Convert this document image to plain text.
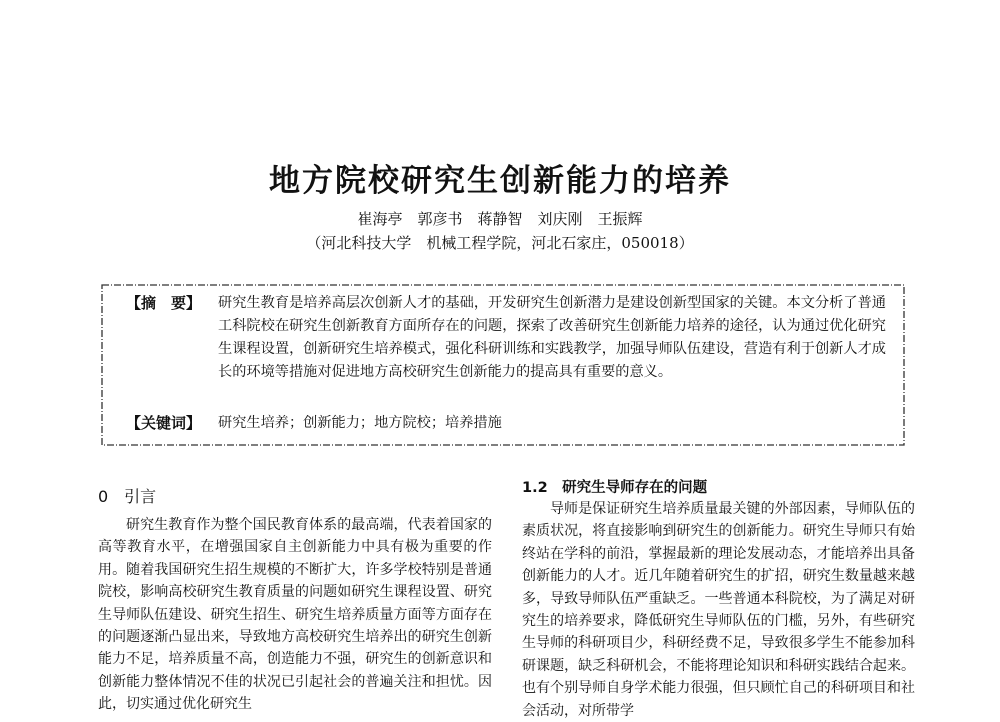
地方院校研究生创新能力的培养
崔海亭　郭彦书　蒋静智　刘庆刚　王振辉
（河北科技大学　机械工程学院，河北石家庄，050018）
【摘　要】 研究生教育是培养高层次创新人才的基础，开发研究生创新潜力是建设创新型国家的关键。本文分析了普通工科院校在研究生创新教育方面所存在的问题，探索了改善研究生创新能力培养的途径，认为通过优化研究生课程设置，创新研究生培养模式，强化科研训练和实践教学，加强导师队伍建设，营造有利于创新人才成长的环境等措施对促进地方高校研究生创新能力的提高具有重要的意义。
【关键词】 研究生培养；创新能力；地方院校；培养措施
0　引言
研究生教育作为整个国民教育体系的最高端，代表着国家的高等教育水平，在增强国家自主创新能力中具有极为重要的作用。随着我国研究生招生规模的不断扩大，许多学校特别是普通院校，影响高校研究生教育质量的问题如研究生课程设置、研究生导师队伍建设、研究生招生、研究生培养质量方面等方面存在的问题逐渐凸显出来，导致地方高校研究生培养出的研究生创新能力不足，培养质量不高，创造能力不强，研究生的创新意识和创新能力整体情况不佳的状况已引起社会的普遍关注和担忧。因此，切实通过优化研究生
1.2　研究生导师存在的问题
导师是保证研究生培养质量最关键的外部因素，导师队伍的素质状况，将直接影响到研究生的创新能力。研究生导师只有始终站在学科的前沿，掌握最新的理论发展动态，才能培养出具备创新能力的人才。近几年随着研究生的扩招，研究生数量越来越多，导致导师队伍严重缺乏。一些普通本科院校，为了满足对研究生的培养要求，降低研究生导师队伍的门槛，另外，有些研究生导师的科研项目少，科研经费不足，导致很多学生不能参加科研课题，缺乏科研机会，不能将理论知识和科研实践结合起来。也有个别导师自身学术能力很强，但只顾忙自己的科研项目和社会活动，对所带学
